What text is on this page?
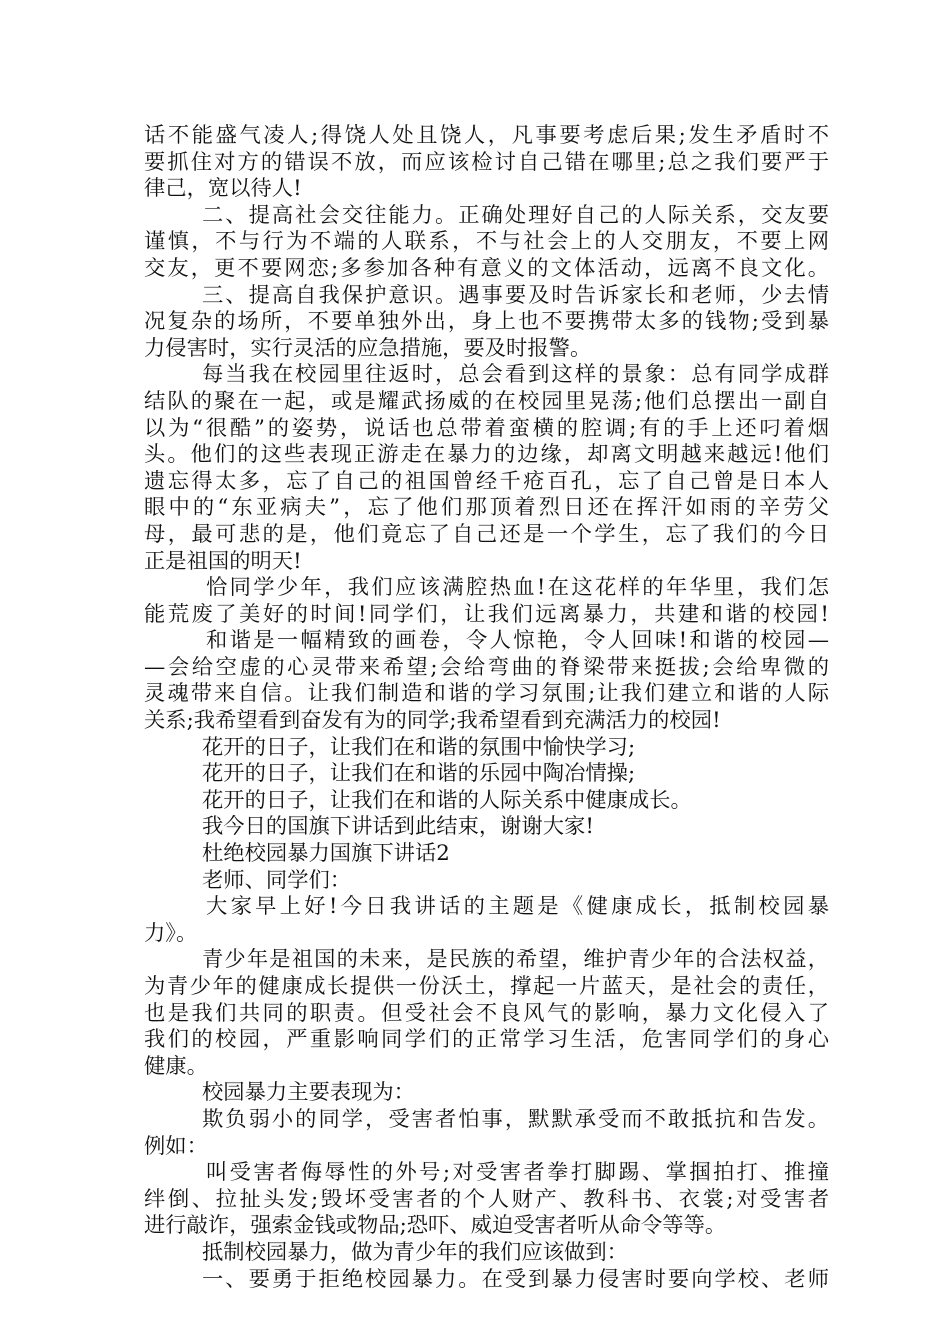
话不能盛气凌人;得饶人处且饶人，凡事要考虑后果;发生矛盾时不
要抓住对方的错误不放，而应该检讨自己错在哪里;总之我们要严于
律己，宽以待人!
二、提高社会交往能力。正确处理好自己的人际关系，交友要
谨慎，不与行为不端的人联系，不与社会上的人交朋友，不要上网
交友，更不要网恋;多参加各种有意义的文体活动，远离不良文化。
三、提高自我保护意识。遇事要及时告诉家长和老师，少去情
况复杂的场所，不要单独外出，身上也不要携带太多的钱物;受到暴
力侵害时，实行灵活的应急措施，要及时报警。
每当我在校园里往返时，总会看到这样的景象：总有同学成群
结队的聚在一起，或是耀武扬威的在校园里晃荡;他们总摆出一副自
以为“很酷”的姿势，说话也总带着蛮横的腔调;有的手上还叼着烟
头。他们的这些表现正游走在暴力的边缘，却离文明越来越远!他们
遗忘得太多，忘了自己的祖国曾经千疮百孔，忘了自己曾是日本人
眼中的“东亚病夫”，忘了他们那顶着烈日还在挥汗如雨的辛劳父
母，最可悲的是，他们竟忘了自己还是一个学生，忘了我们的今日
正是祖国的明天!
恰同学少年，我们应该满腔热血!在这花样的年华里，我们怎
能荒废了美好的时间!同学们，让我们远离暴力，共建和谐的校园!
和谐是一幅精致的画卷，令人惊艳，令人回味!和谐的校园—
—会给空虚的心灵带来希望;会给弯曲的脊梁带来挺拔;会给卑微的
灵魂带来自信。让我们制造和谐的学习氛围;让我们建立和谐的人际
关系;我希望看到奋发有为的同学;我希望看到充满活力的校园!
花开的日子，让我们在和谐的氛围中愉快学习;
花开的日子，让我们在和谐的乐园中陶冶情操;
花开的日子，让我们在和谐的人际关系中健康成长。
我今日的国旗下讲话到此结束，谢谢大家!
杜绝校园暴力国旗下讲话2
老师、同学们：
大家早上好!今日我讲话的主题是《健康成长，抵制校园暴
力》。
青少年是祖国的未来，是民族的希望，维护青少年的合法权益，
为青少年的健康成长提供一份沃土，撑起一片蓝天，是社会的责任，
也是我们共同的职责。但受社会不良风气的影响，暴力文化侵入了
我们的校园，严重影响同学们的正常学习生活，危害同学们的身心
健康。
校园暴力主要表现为：
欺负弱小的同学，受害者怕事，默默承受而不敢抵抗和告发。
例如：
叫受害者侮辱性的外号;对受害者拳打脚踢、掌掴拍打、推撞
绊倒、拉扯头发;毁坏受害者的个人财产、教科书、衣裳;对受害者
进行敲诈，强索金钱或物品;恐吓、威迫受害者听从命令等等。
抵制校园暴力，做为青少年的我们应该做到：
一、要勇于拒绝校园暴力。在受到暴力侵害时要向学校、老师
